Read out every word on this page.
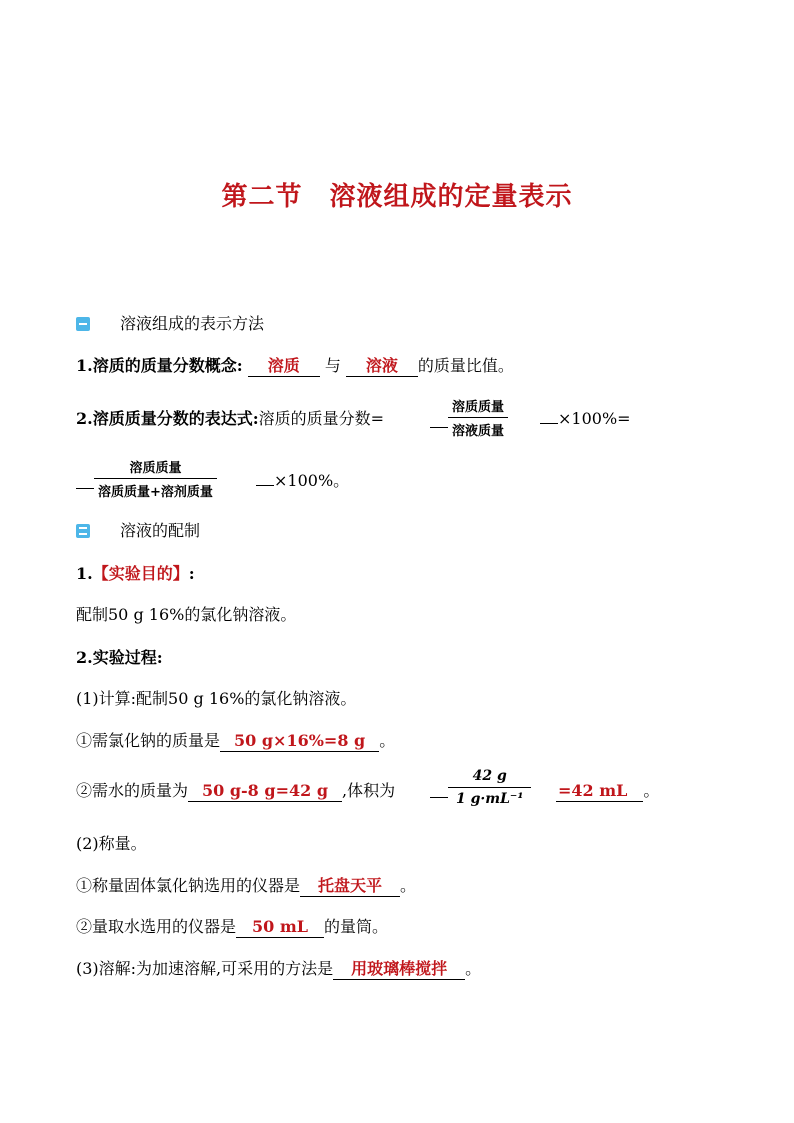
第二节　溶液组成的定量表示
溶液组成的表示方法
1.溶质的质量分数概念: 溶质 与 溶液 的质量比值。
2.溶质质量分数的表达式:溶质的质量分数=	$\frac{\text{溶质质量}}{\text{溶液质量}}$	×100%=
$\frac{\text{溶质质量}}{\text{溶质质量+溶剂质量}}$	×100%。
溶液的配制
1.【实验目的】:
配制50 g 16%的氯化钠溶液。
2.实验过程:
(1)计算:配制50 g 16%的氯化钠溶液。
①需氯化钠的质量是 50 g×16%=8 g 。
②需水的质量为 50 g-8 g=42 g ,体积为	$\frac{42 g}{\text{1 g·mL⁻¹}} =42$ mL 。
(2)称量。
①称量固体氯化钠选用的仪器是 托盘天平 。
②量取水选用的仪器是 50 mL 的量筒。
(3)溶解:为加速溶解,可采用的方法是 用玻璃棒搅拌 。
